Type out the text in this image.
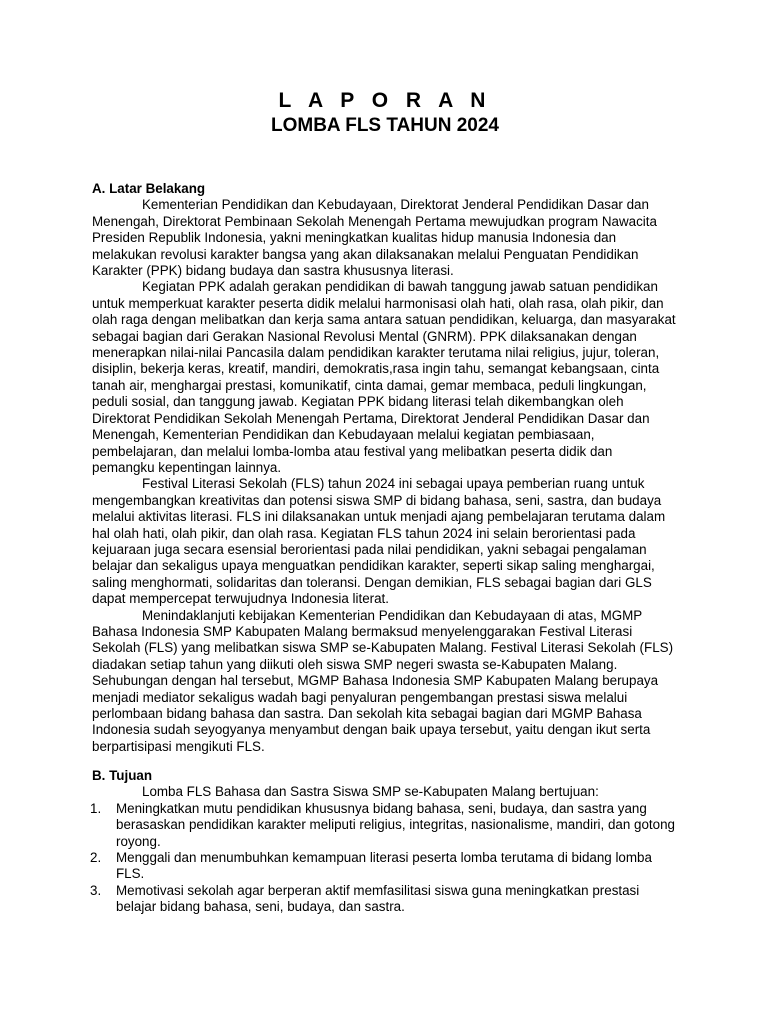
L A P O R A N
LOMBA FLS TAHUN 2024

A. Latar Belakang

Kementerian Pendidikan dan Kebudayaan, Direktorat Jenderal Pendidikan Dasar dan Menengah, Direktorat Pembinaan Sekolah Menengah Pertama mewujudkan program Nawacita Presiden Republik Indonesia, yakni meningkatkan kualitas hidup manusia Indonesia dan melakukan revolusi karakter bangsa yang akan dilaksanakan melalui Penguatan Pendidikan Karakter (PPK) bidang budaya dan sastra khususnya literasi.

Kegiatan PPK adalah gerakan pendidikan di bawah tanggung jawab satuan pendidikan untuk memperkuat karakter peserta didik melalui harmonisasi olah hati, olah rasa, olah pikir, dan olah raga dengan melibatkan dan kerja sama antara satuan pendidikan, keluarga, dan masyarakat sebagai bagian dari Gerakan Nasional Revolusi Mental (GNRM). PPK dilaksanakan dengan menerapkan nilai-nilai Pancasila dalam pendidikan karakter terutama nilai religius, jujur, toleran, disiplin, bekerja keras, kreatif, mandiri, demokratis,rasa ingin tahu, semangat kebangsaan, cinta tanah air, menghargai prestasi, komunikatif, cinta damai, gemar membaca, peduli lingkungan, peduli sosial, dan tanggung jawab. Kegiatan PPK bidang literasi telah dikembangkan oleh Direktorat Pendidikan Sekolah Menengah Pertama, Direktorat Jenderal Pendidikan Dasar dan Menengah, Kementerian Pendidikan dan Kebudayaan melalui kegiatan pembiasaan, pembelajaran, dan melalui lomba-lomba atau festival yang melibatkan peserta didik dan pemangku kepentingan lainnya.

Festival Literasi Sekolah (FLS) tahun 2024 ini sebagai upaya pemberian ruang untuk mengembangkan kreativitas dan potensi siswa SMP di bidang bahasa, seni, sastra, dan budaya melalui aktivitas literasi. FLS ini dilaksanakan untuk menjadi ajang pembelajaran terutama dalam hal olah hati, olah pikir, dan olah rasa. Kegiatan FLS tahun 2024 ini selain berorientasi pada kejuaraan juga secara esensial berorientasi pada nilai pendidikan, yakni sebagai pengalaman belajar dan sekaligus upaya menguatkan pendidikan karakter, seperti sikap saling menghargai, saling menghormati, solidaritas dan toleransi. Dengan demikian, FLS sebagai bagian dari GLS dapat mempercepat terwujudnya Indonesia literat.

Menindaklanjuti kebijakan Kementerian Pendidikan dan Kebudayaan di atas, MGMP Bahasa Indonesia SMP Kabupaten Malang bermaksud menyelenggarakan Festival Literasi Sekolah (FLS) yang melibatkan siswa SMP se-Kabupaten Malang. Festival Literasi Sekolah (FLS) diadakan setiap tahun yang diikuti oleh siswa SMP negeri swasta se-Kabupaten Malang. Sehubungan dengan hal tersebut, MGMP Bahasa Indonesia SMP Kabupaten Malang berupaya menjadi mediator sekaligus wadah bagi penyaluran pengembangan prestasi siswa melalui perlombaan bidang bahasa dan sastra. Dan sekolah kita sebagai bagian dari MGMP Bahasa Indonesia sudah seyogyanya menyambut dengan baik upaya tersebut, yaitu dengan ikut serta berpartisipasi mengikuti FLS.

B. Tujuan

Lomba FLS Bahasa dan Sastra Siswa SMP se-Kabupaten Malang bertujuan:

1. Meningkatkan mutu pendidikan khususnya bidang bahasa, seni, budaya, dan sastra yang berasaskan pendidikan karakter meliputi religius, integritas, nasionalisme, mandiri, dan gotong royong.
2. Menggali dan menumbuhkan kemampuan literasi peserta lomba terutama di bidang lomba FLS.
3. Memotivasi sekolah agar berperan aktif memfasilitasi siswa guna meningkatkan prestasi belajar bidang bahasa, seni, budaya, dan sastra.
